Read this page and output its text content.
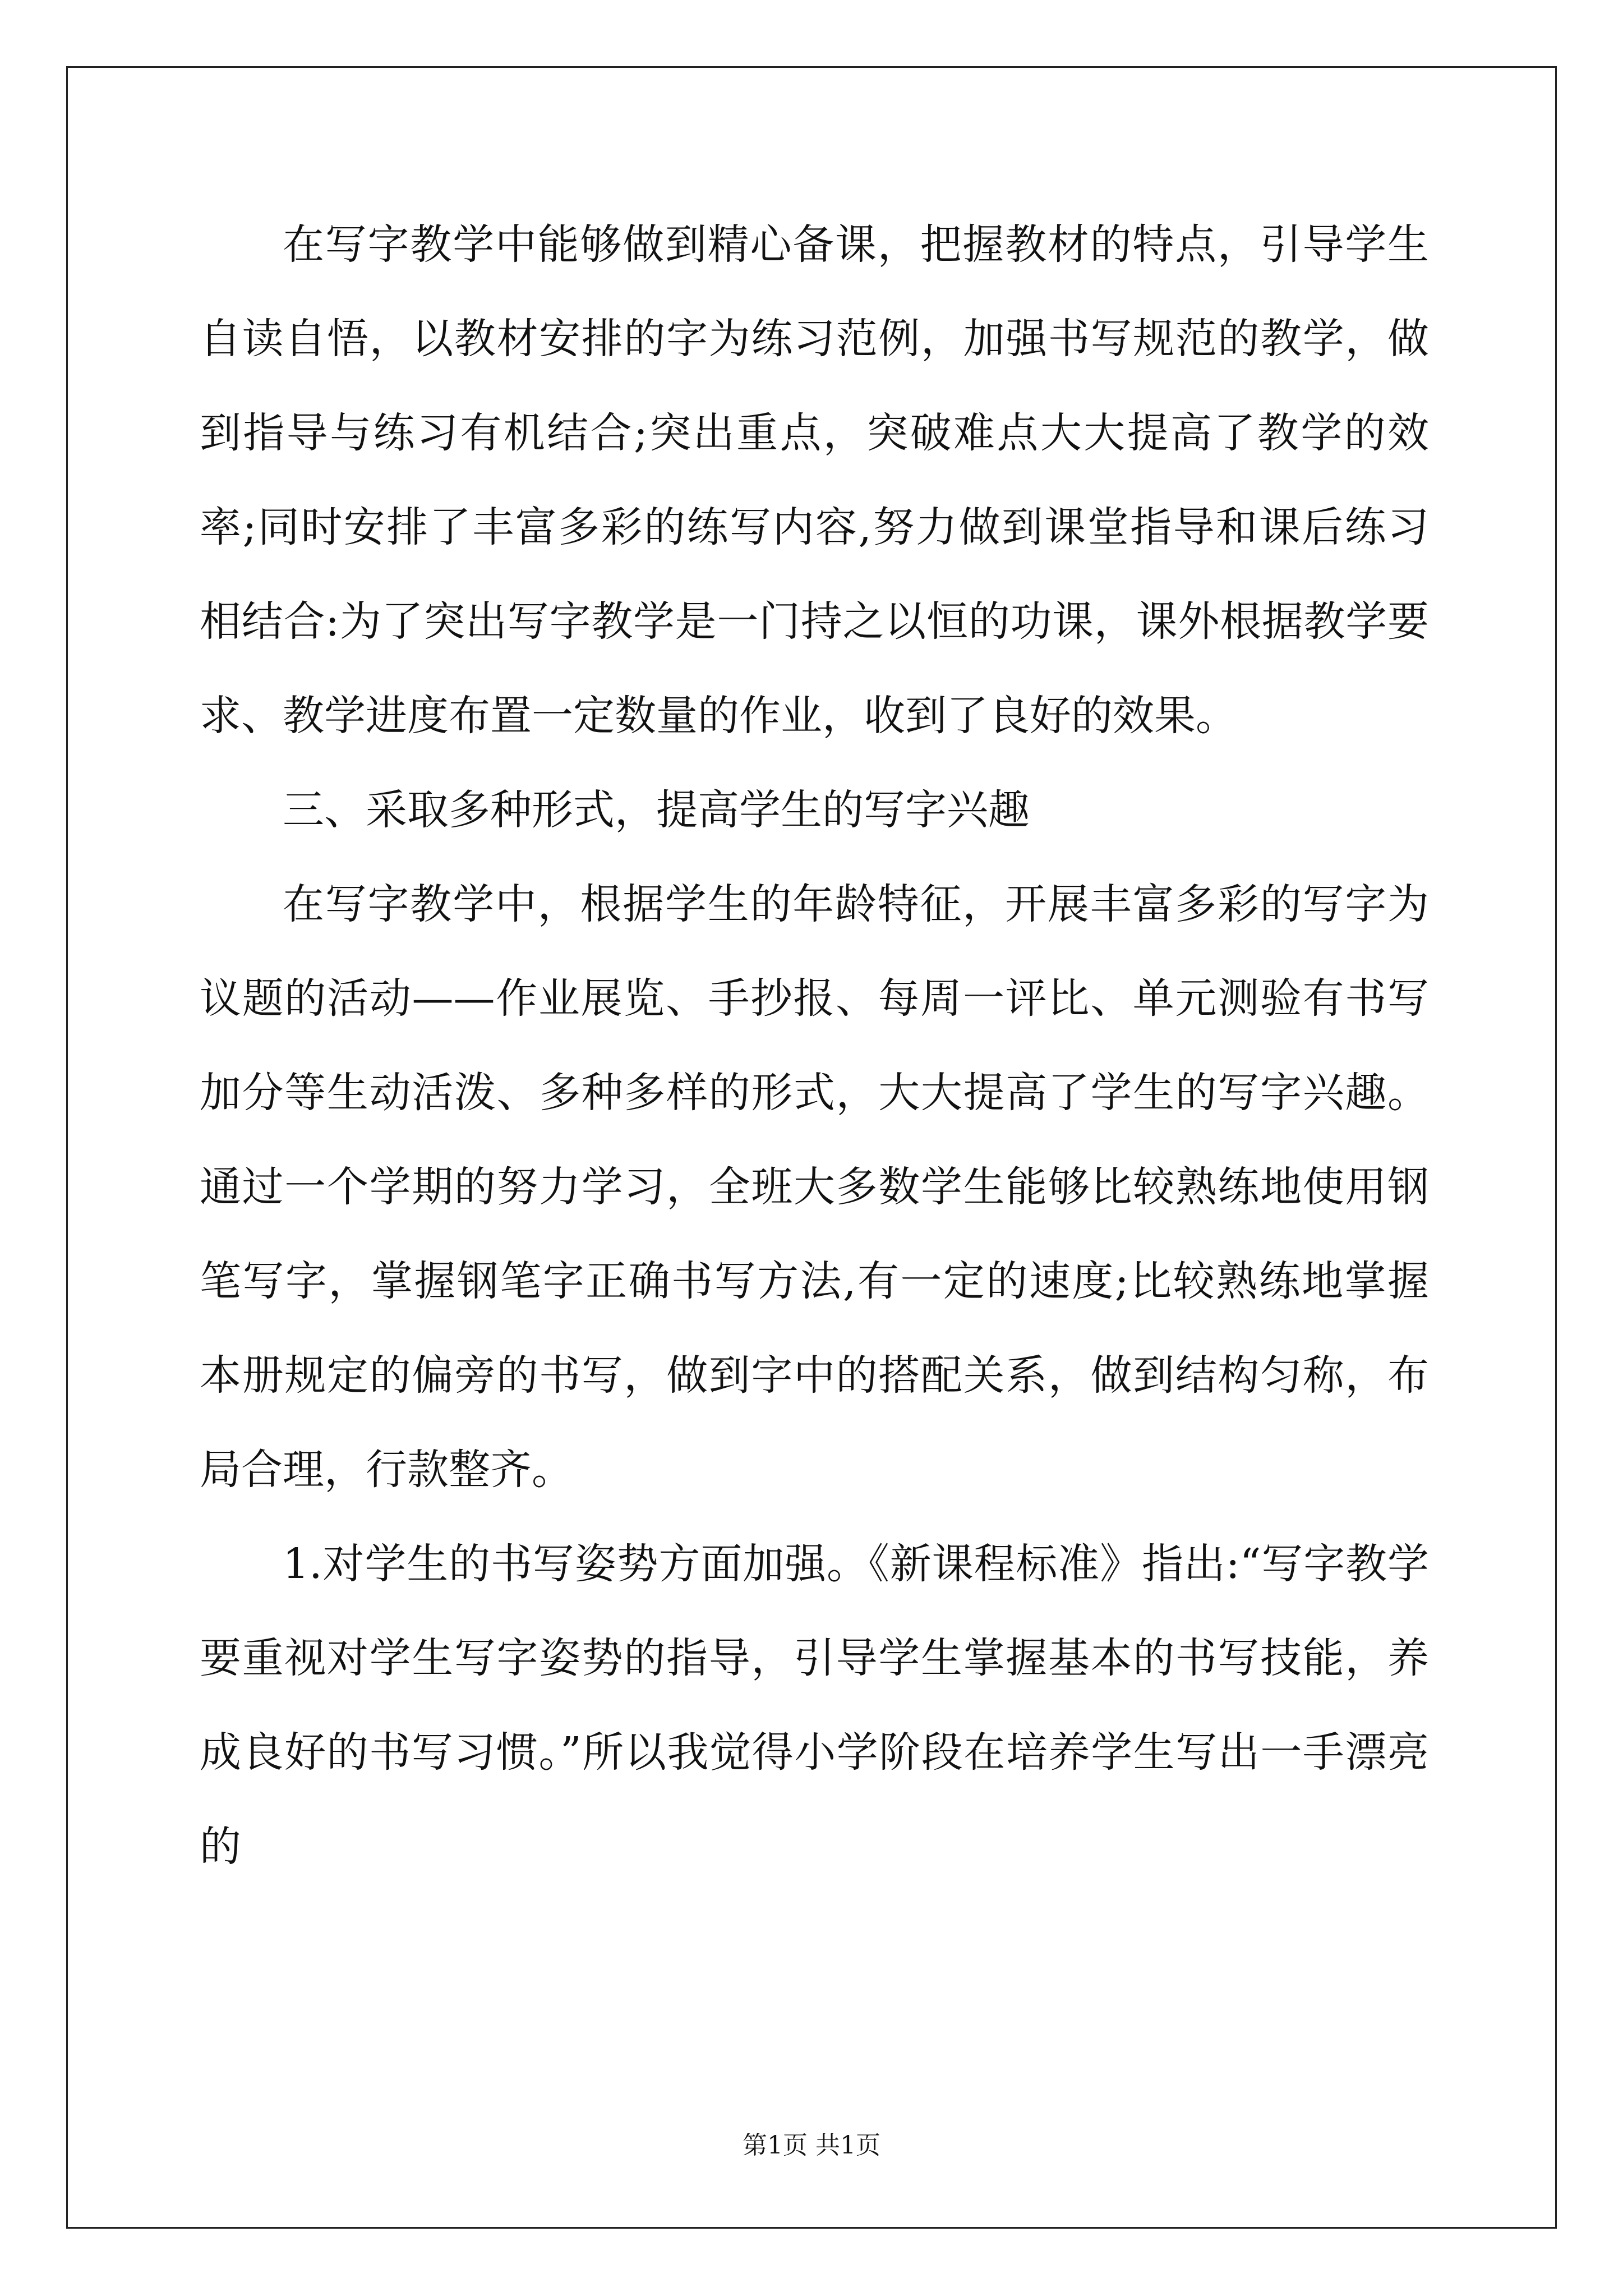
在写字教学中能够做到精心备课，把握教材的特点，引导学生自读自悟，以教材安排的字为练习范例，加强书写规范的教学，做到指导与练习有机结合;突出重点，突破难点大大提高了教学的效率;同时安排了丰富多彩的练写内容,努力做到课堂指导和课后练习相结合:为了突出写字教学是一门持之以恒的功课，课外根据教学要求、教学进度布置一定数量的作业，收到了良好的效果。

三、采取多种形式，提高学生的写字兴趣

在写字教学中，根据学生的年龄特征，开展丰富多彩的写字为议题的活动——作业展览、手抄报、每周一评比、单元测验有书写加分等生动活泼、多种多样的形式，大大提高了学生的写字兴趣。通过一个学期的努力学习，全班大多数学生能够比较熟练地使用钢笔写字，掌握钢笔字正确书写方法,有一定的速度;比较熟练地掌握本册规定的偏旁的书写，做到字中的搭配关系，做到结构匀称，布局合理，行款整齐。

1.对学生的书写姿势方面加强。《新课程标准》指出:“写字教学要重视对学生写字姿势的指导，引导学生掌握基本的书写技能，养成良好的书写习惯。”所以我觉得小学阶段在培养学生写出一手漂亮的

第1页 共1页
